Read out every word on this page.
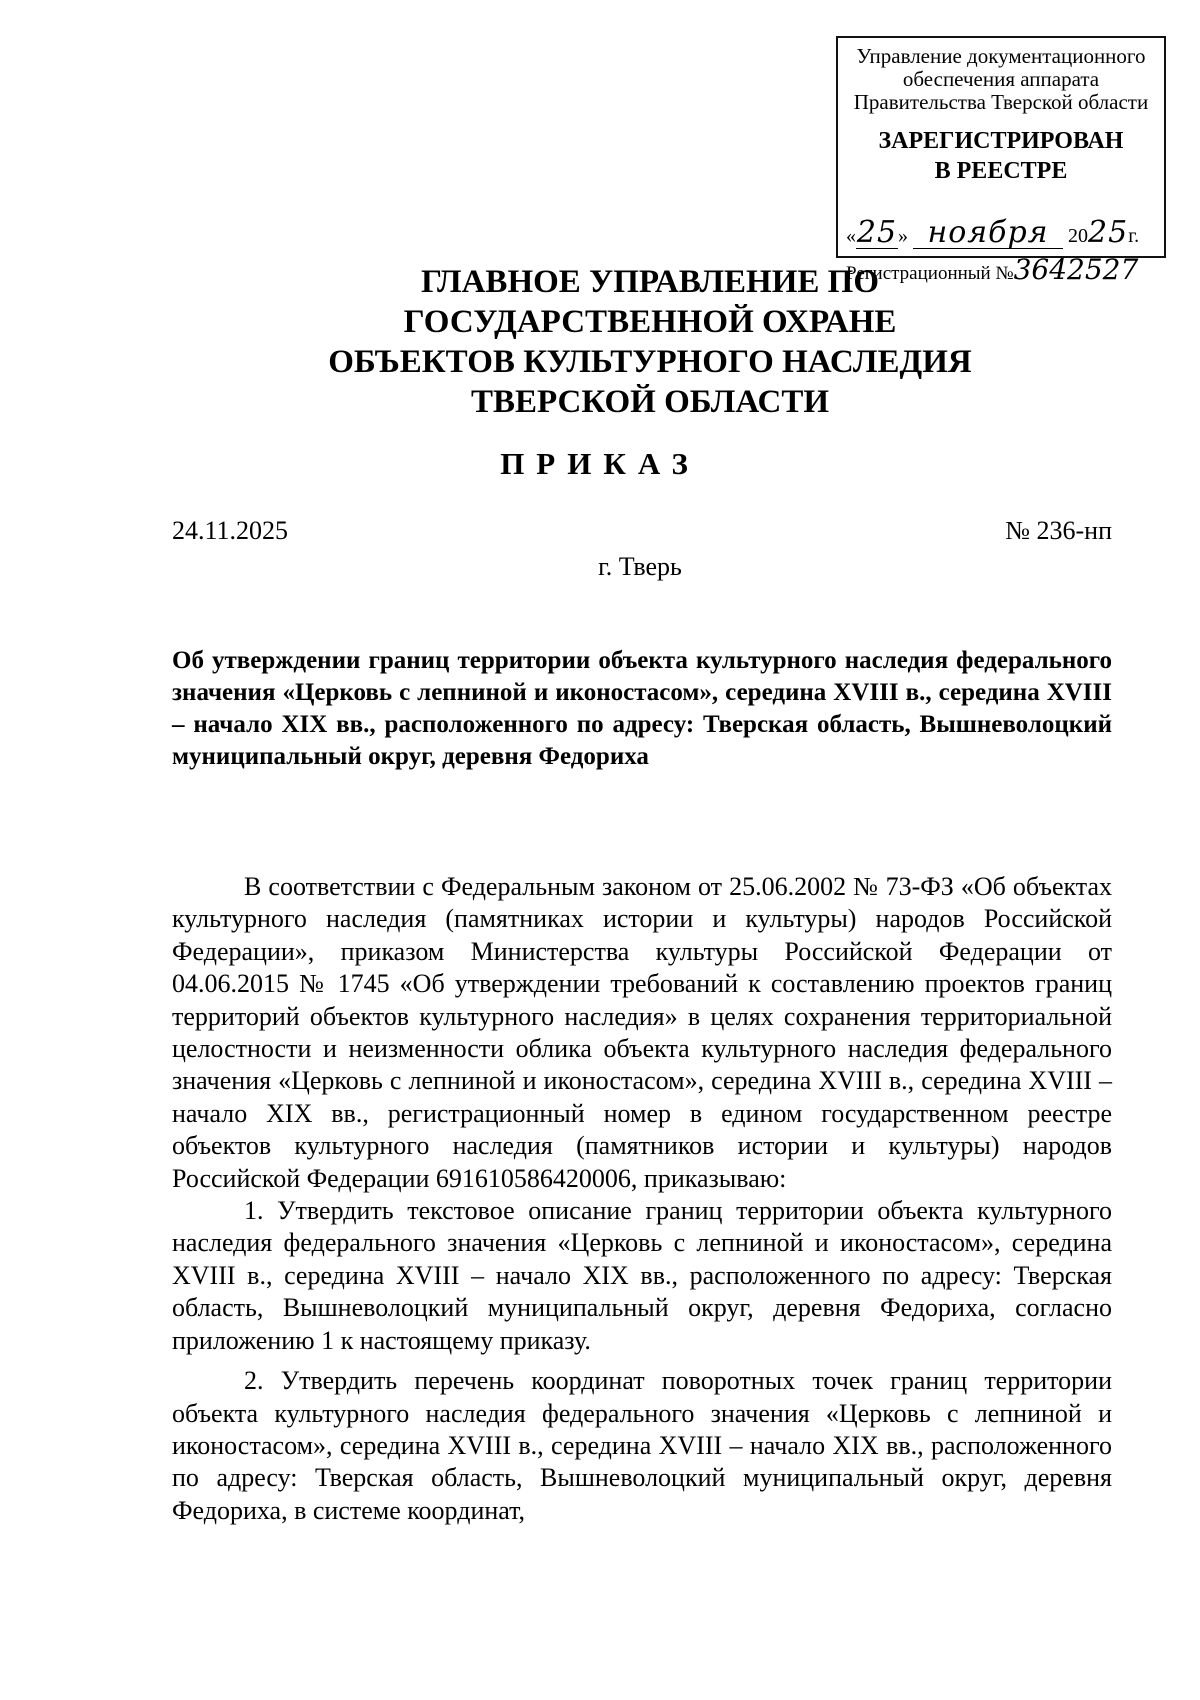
Управление документационного
обеспечения аппарата
Правительства Тверской области
ЗАРЕГИСТРИРОВАН
В РЕЕСТРЕ
«25» ноября 2025г.
Регистрационный №3642527
ГЛАВНОЕ УПРАВЛЕНИЕ ПО
ГОСУДАРСТВЕННОЙ ОХРАНЕ
ОБЪЕКТОВ КУЛЬТУРНОГО НАСЛЕДИЯ
ТВЕРСКОЙ ОБЛАСТИ
ПРИКАЗ
24.11.2025	№ 236-нп
г. Тверь

Об утверждении границ территории объекта культурного наследия федерального значения «Церковь с лепниной и иконостасом», середина XVIII в., середина XVIII – начало XIX вв., расположенного по адресу: Тверская область, Вышневолоцкий муниципальный округ, деревня Федориха

В соответствии с Федеральным законом от 25.06.2002 № 73-ФЗ «Об объектах культурного наследия (памятниках истории и культуры) народов Российской Федерации», приказом Министерства культуры Российской Федерации от 04.06.2015 № 1745 «Об утверждении требований к составлению проектов границ территорий объектов культурного наследия» в целях сохранения территориальной целостности и неизменности облика объекта культурного наследия федерального значения «Церковь с лепниной и иконостасом», середина XVIII в., середина XVIII – начало XIX вв., регистрационный номер в едином государственном реестре объектов культурного наследия (памятников истории и культуры) народов Российской Федерации 691610586420006, приказываю:

1. Утвердить текстовое описание границ территории объекта культурного наследия федерального значения «Церковь с лепниной и иконостасом», середина XVIII в., середина XVIII – начало XIX вв., расположенного по адресу: Тверская область, Вышневолоцкий муниципальный округ, деревня Федориха, согласно приложению 1 к настоящему приказу.

2. Утвердить перечень координат поворотных точек границ территории объекта культурного наследия федерального значения «Церковь с лепниной и иконостасом», середина XVIII в., середина XVIII – начало XIX вв., расположенного по адресу: Тверская область, Вышневолоцкий муниципальный округ, деревня Федориха, в системе координат,
